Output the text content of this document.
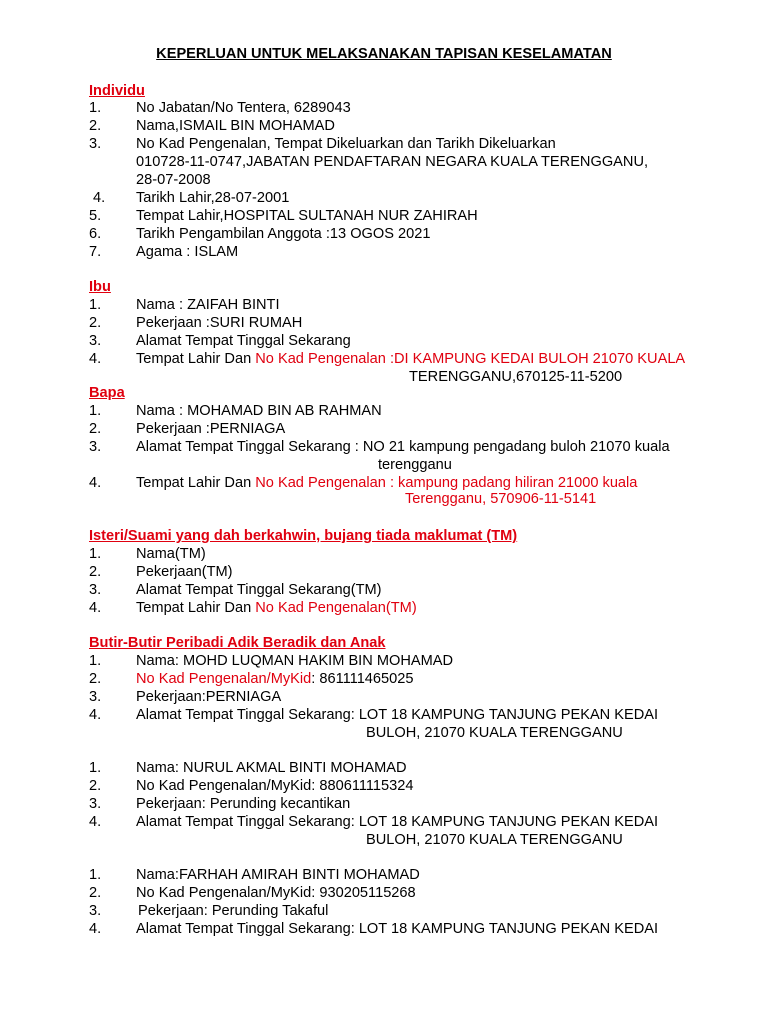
KEPERLUAN UNTUK MELAKSANAKAN TAPISAN KESELAMATAN
Individu
1. No Jabatan/No Tentera, 6289043
2. Nama,ISMAIL BIN MOHAMAD
3. No Kad Pengenalan, Tempat Dikeluarkan dan Tarikh Dikeluarkan
010728-11-0747,JABATAN PENDAFTARAN NEGARA KUALA TERENGGANU,
28-07-2008
4. Tarikh Lahir,28-07-2001
5. Tempat Lahir,HOSPITAL SULTANAH NUR ZAHIRAH
6. Tarikh Pengambilan Anggota :13 OGOS 2021
7. Agama : ISLAM
Ibu
1. Nama : ZAIFAH BINTI
2. Pekerjaan :SURI RUMAH
3. Alamat Tempat Tinggal Sekarang
4. Tempat Lahir Dan No Kad Pengenalan :DI KAMPUNG KEDAI BULOH 21070 KUALA
TERENGGANU,670125-11-5200
Bapa
1. Nama : MOHAMAD BIN AB RAHMAN
2. Pekerjaan :PERNIAGA
3. Alamat Tempat Tinggal Sekarang : NO 21 kampung pengadang buloh 21070 kuala
terengganu
4. Tempat Lahir Dan No Kad Pengenalan : kampung padang hiliran 21000 kuala
Terengganu, 570906-11-5141
Isteri/Suami yang dah berkahwin, bujang tiada maklumat (TM)
1. Nama(TM)
2. Pekerjaan(TM)
3. Alamat Tempat Tinggal Sekarang(TM)
4. Tempat Lahir Dan No Kad Pengenalan(TM)
Butir-Butir Peribadi Adik Beradik dan Anak
1. Nama: MOHD LUQMAN HAKIM BIN MOHAMAD
2. No Kad Pengenalan/MyKid: 861111465025
3. Pekerjaan:PERNIAGA
4. Alamat Tempat Tinggal Sekarang: LOT 18 KAMPUNG TANJUNG PEKAN KEDAI
BULOH, 21070 KUALA TERENGGANU
1. Nama: NURUL AKMAL BINTI MOHAMAD
2. No Kad Pengenalan/MyKid: 880611115324
3. Pekerjaan: Perunding kecantikan
4. Alamat Tempat Tinggal Sekarang: LOT 18 KAMPUNG TANJUNG PEKAN KEDAI
BULOH, 21070 KUALA TERENGGANU
1. Nama:FARHAH AMIRAH BINTI MOHAMAD
2. No Kad Pengenalan/MyKid: 930205115268
3.	Pekerjaan: Perunding Takaful
4. Alamat Tempat Tinggal Sekarang: LOT 18 KAMPUNG TANJUNG PEKAN KEDAI
